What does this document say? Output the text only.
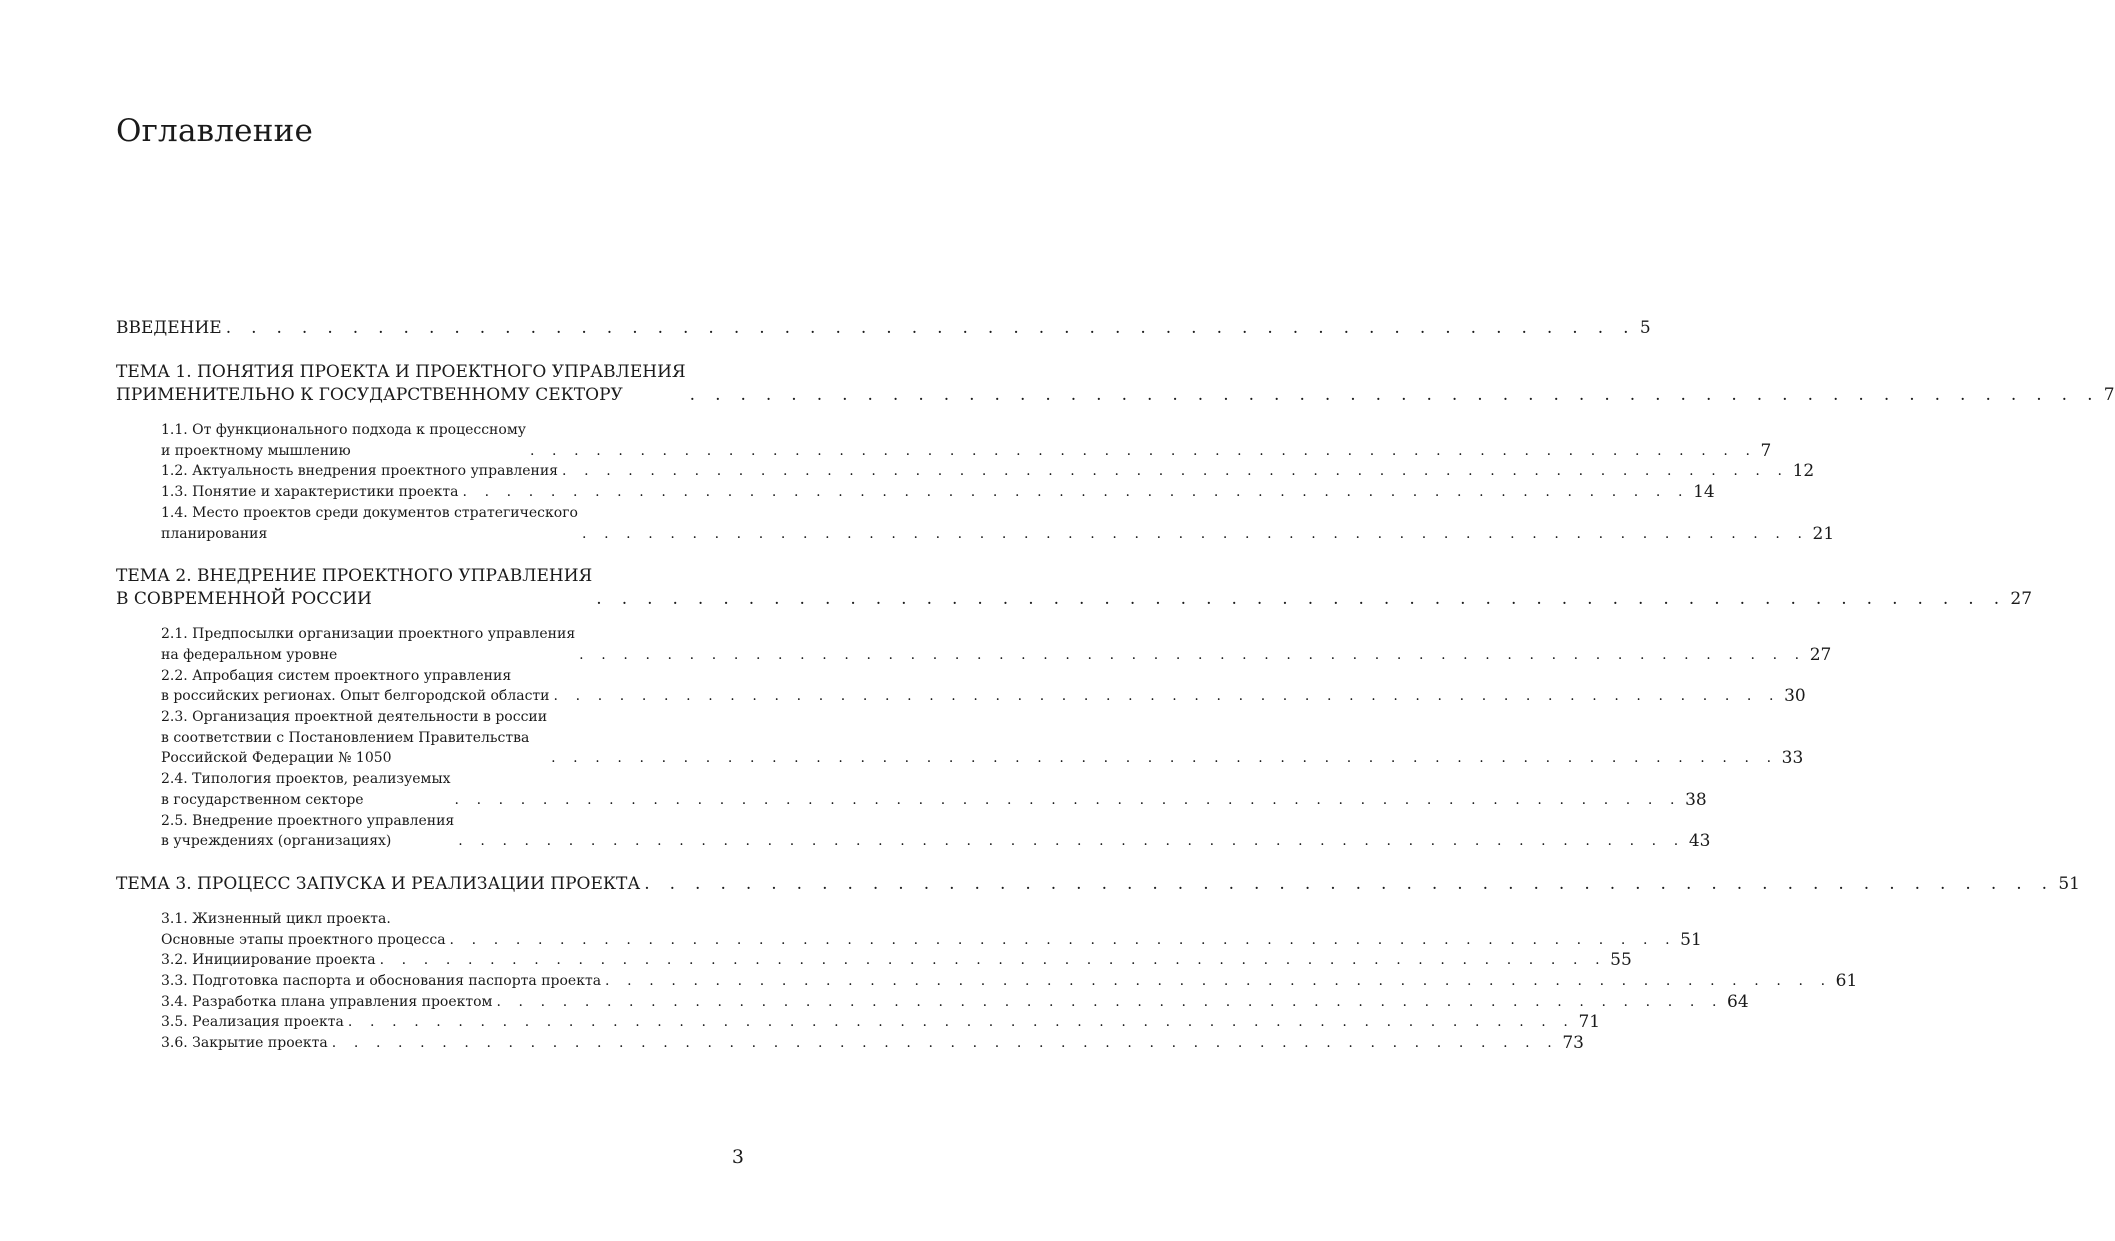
Оглавление
ВВЕДЕНИЕ . . . . . . . . . . . . . . . . . . . . . . . . . . . . . . . . . . . . . . . . . . . . . . . . . . . . . . . . 5
ТЕМА 1. ПОНЯТИЯ ПРОЕКТА И ПРОЕКТНОГО УПРАВЛЕНИЯ
ПРИМЕНИТЕЛЬНО К ГОСУДАРСТВЕННОМУ СЕКТОРУ	. . . . . . . . . . . . . . . . . . . . . . . . . . . . . . . . . . . . . . . . . . . . . . . . . . . . . . . . 7
1.1. От функционального подхода к процессному
и проектному мышлению	. . . . . . . . . . . . . . . . . . . . . . . . . . . . . . . . . . . . . . . . . . . . . . . . . . . . . . . . 7
1.2. Актуальность внедрения проектного управления . . . . . . . . . . . . . . . . . . . . . . . . . . . . . . . . . . . . . . . . . . . . . . . . . . . . . . . . 12
1.3. Понятие и характеристики проекта . . . . . . . . . . . . . . . . . . . . . . . . . . . . . . . . . . . . . . . . . . . . . . . . . . . . . . . . 14
1.4. Место проектов среди документов стратегического
планирования	. . . . . . . . . . . . . . . . . . . . . . . . . . . . . . . . . . . . . . . . . . . . . . . . . . . . . . . . 21
ТЕМА 2. ВНЕДРЕНИЕ ПРОЕКТНОГО УПРАВЛЕНИЯ
В СОВРЕМЕННОЙ РОССИИ	. . . . . . . . . . . . . . . . . . . . . . . . . . . . . . . . . . . . . . . . . . . . . . . . . . . . . . . . 27
2.1. Предпосылки организации проектного управления
на федеральном уровне	. . . . . . . . . . . . . . . . . . . . . . . . . . . . . . . . . . . . . . . . . . . . . . . . . . . . . . . . 27
2.2. Апробация систем проектного управления
в российских регионах. Опыт белгородской области . . . . . . . . . . . . . . . . . . . . . . . . . . . . . . . . . . . . . . . . . . . . . . . . . . . . . . . . 30
2.3. Организация проектной деятельности в россии
в соответствии с Постановлением Правительства
Российской Федерации № 1050	. . . . . . . . . . . . . . . . . . . . . . . . . . . . . . . . . . . . . . . . . . . . . . . . . . . . . . . . 33
2.4. Типология проектов, реализуемых
в государственном секторе	. . . . . . . . . . . . . . . . . . . . . . . . . . . . . . . . . . . . . . . . . . . . . . . . . . . . . . . . 38
2.5. Внедрение проектного управления
в учреждениях (организациях)	. . . . . . . . . . . . . . . . . . . . . . . . . . . . . . . . . . . . . . . . . . . . . . . . . . . . . . . . 43
ТЕМА 3. ПРОЦЕСС ЗАПУСКА И РЕАЛИЗАЦИИ ПРОЕКТА . . . . . . . . . . . . . . . . . . . . . . . . . . . . . . . . . . . . . . . . . . . . . . . . . . . . . . . . 51
3.1. Жизненный цикл проекта.
Основные этапы проектного процесса . . . . . . . . . . . . . . . . . . . . . . . . . . . . . . . . . . . . . . . . . . . . . . . . . . . . . . . . 51
3.2. Инициирование проекта . . . . . . . . . . . . . . . . . . . . . . . . . . . . . . . . . . . . . . . . . . . . . . . . . . . . . . . . 55
3.3. Подготовка паспорта и обоснования паспорта проекта . . . . . . . . . . . . . . . . . . . . . . . . . . . . . . . . . . . . . . . . . . . . . . . . . . . . . . . . 61
3.4. Разработка плана управления проектом . . . . . . . . . . . . . . . . . . . . . . . . . . . . . . . . . . . . . . . . . . . . . . . . . . . . . . . . 64
3.5. Реализация проекта . . . . . . . . . . . . . . . . . . . . . . . . . . . . . . . . . . . . . . . . . . . . . . . . . . . . . . . . 71
3.6. Закрытие проекта . . . . . . . . . . . . . . . . . . . . . . . . . . . . . . . . . . . . . . . . . . . . . . . . . . . . . . . . 73
3
